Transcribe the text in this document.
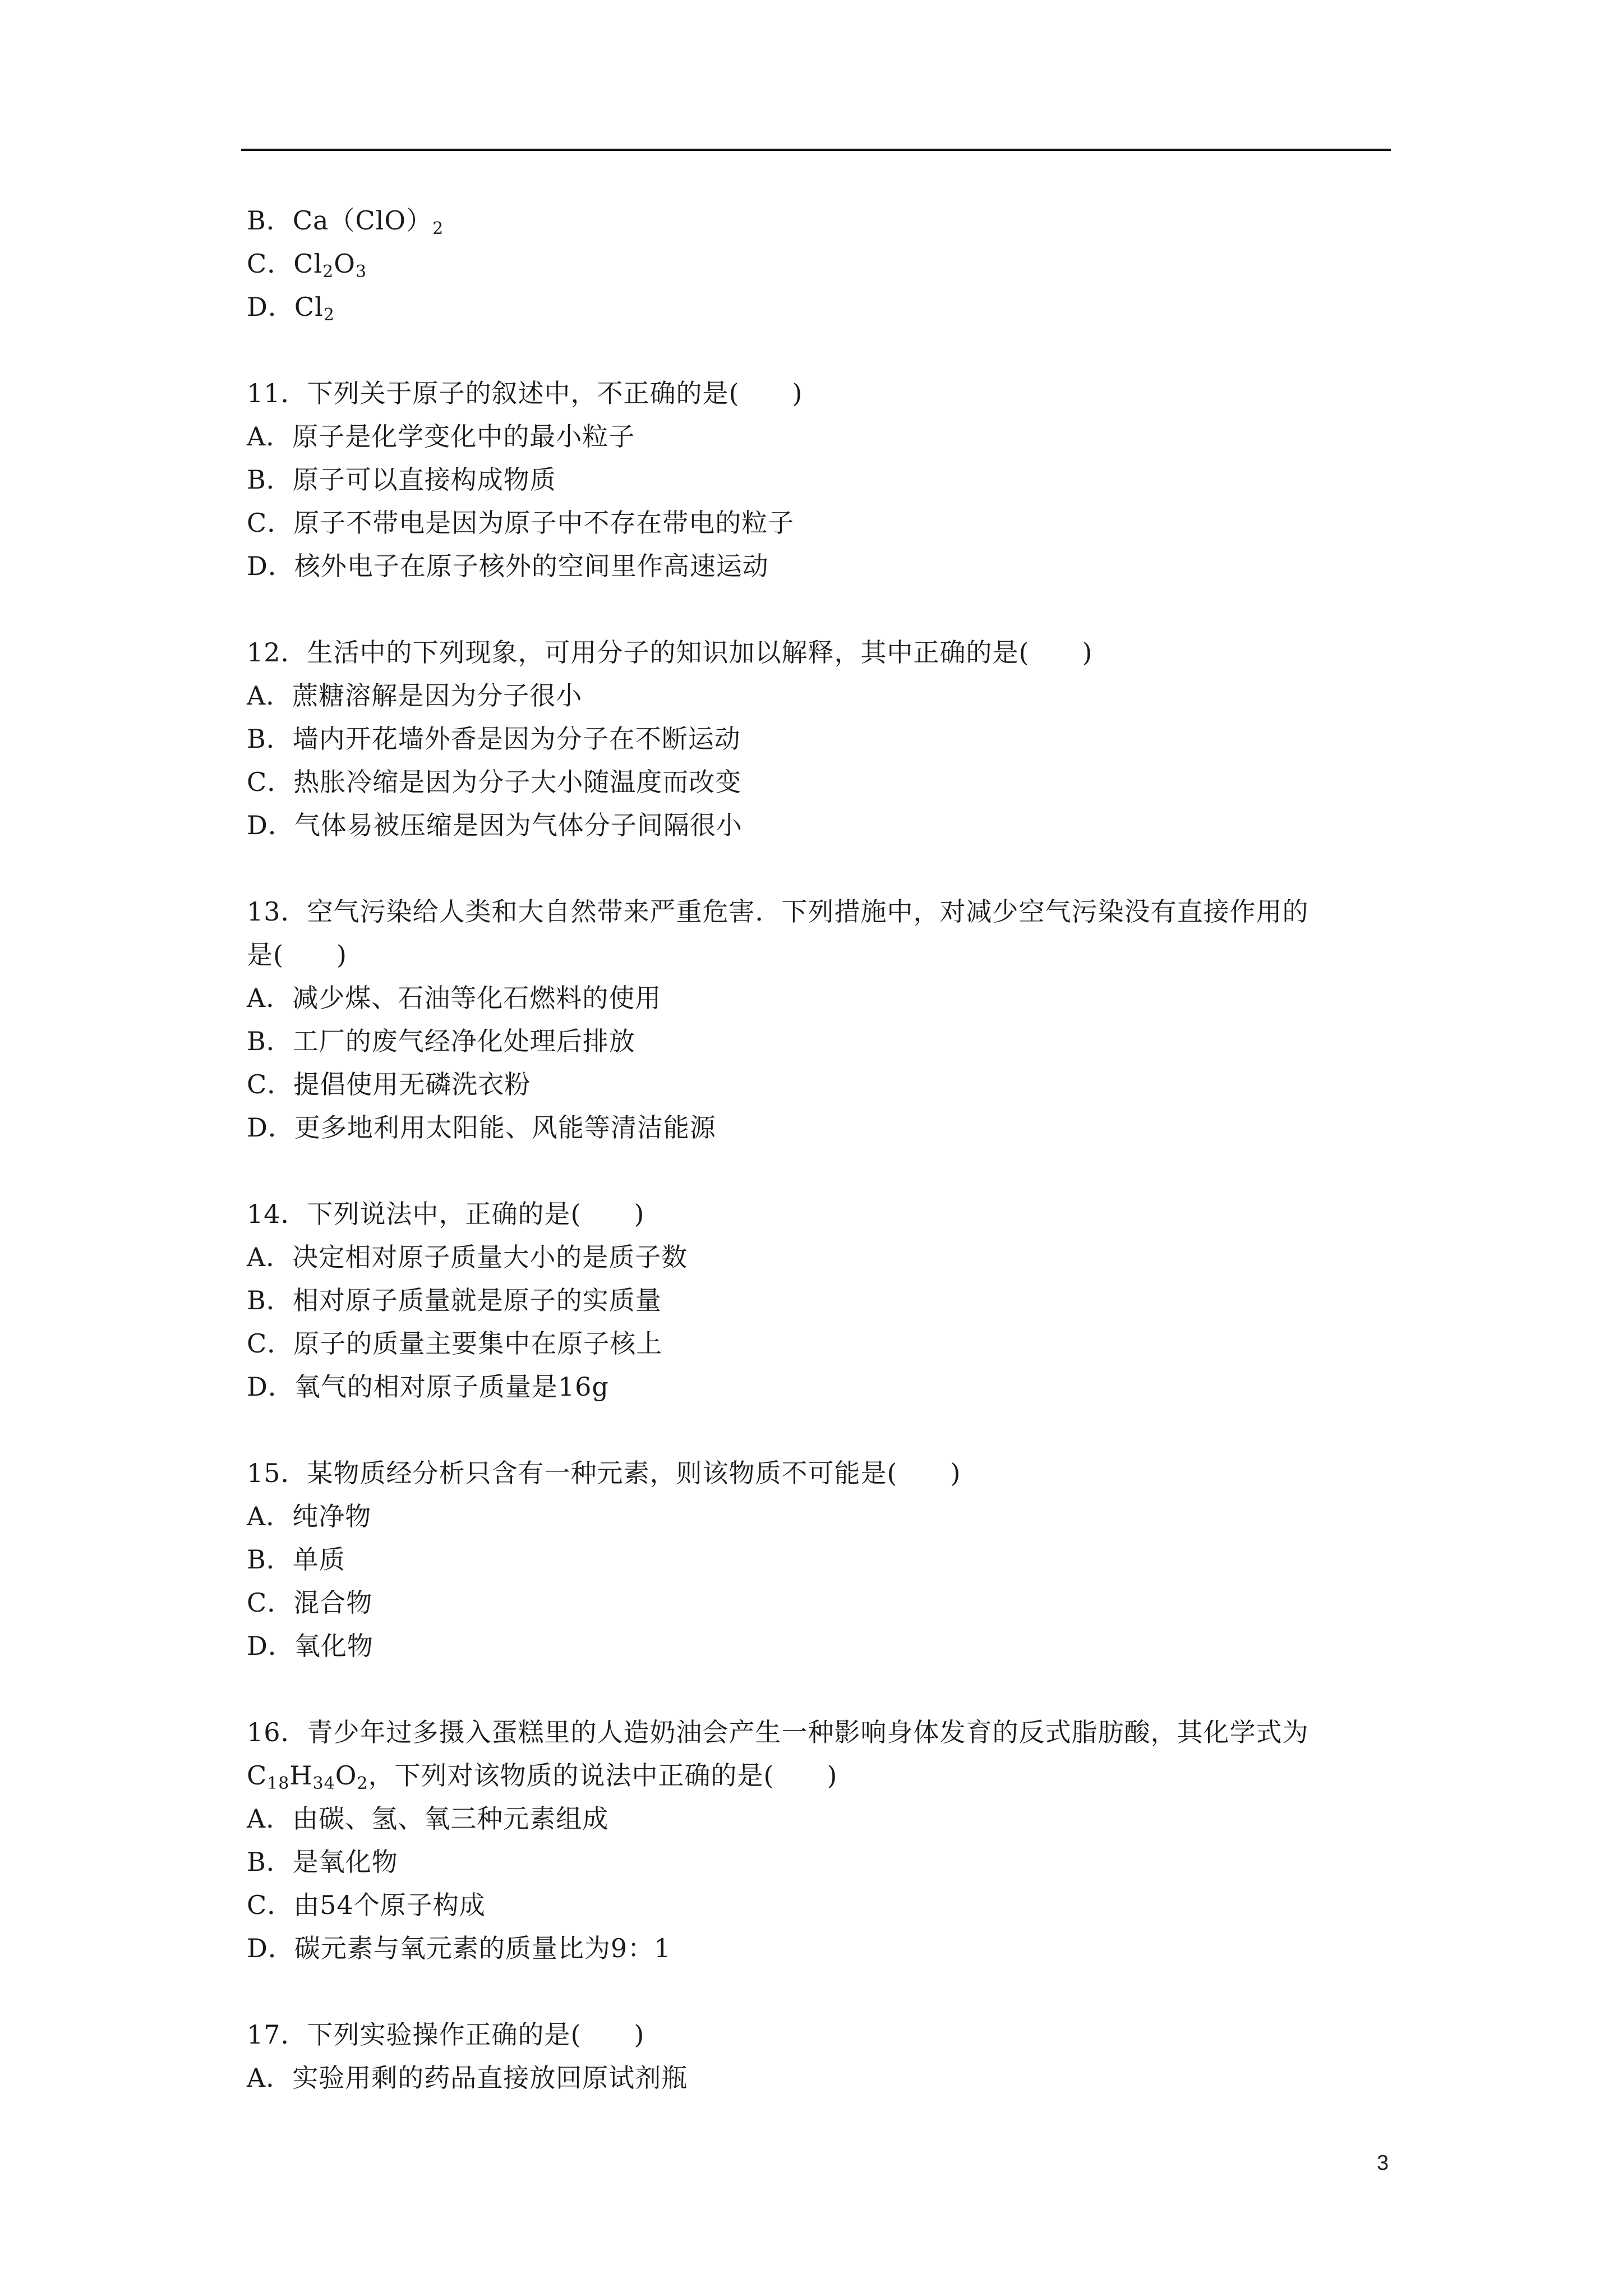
B．$Ca(ClO)_2$
C．$Cl_2O_3$
D．$Cl_2$
11．下列关于原子的叙述中，不正确的是(　　)
A．原子是化学变化中的最小粒子
B．原子可以直接构成物质
C．原子不带电是因为原子中不存在带电的粒子
D．核外电子在原子核外的空间里作高速运动
12．生活中的下列现象，可用分子的知识加以解释，其中正确的是(　　)
A．蔗糖溶解是因为分子很小
B．墙内开花墙外香是因为分子在不断运动
C．热胀冷缩是因为分子大小随温度而改变
D．气体易被压缩是因为气体分子间隔很小
13．空气污染给人类和大自然带来严重危害．下列措施中，对减少空气污染没有直接作用的
是(　　)
A．减少煤、石油等化石燃料的使用
B．工厂的废气经净化处理后排放
C．提倡使用无磷洗衣粉
D．更多地利用太阳能、风能等清洁能源
14．下列说法中，正确的是(　　)
A．决定相对原子质量大小的是质子数
B．相对原子质量就是原子的实质量
C．原子的质量主要集中在原子核上
D．氧气的相对原子质量是16g
15．某物质经分析只含有一种元素，则该物质不可能是(　　)
A．纯净物
B．单质
C．混合物
D．氧化物
16．青少年过多摄入蛋糕里的人造奶油会产生一种影响身体发育的反式脂肪酸，其化学式为
$C_{18}H_{34}O_2$，下列对该物质的说法中正确的是(　　)
A．由碳、氢、氧三种元素组成
B．是氧化物
C．由54个原子构成
D．碳元素与氧元素的质量比为9：1
17．下列实验操作正确的是(　　)
A．实验用剩的药品直接放回原试剂瓶
3
